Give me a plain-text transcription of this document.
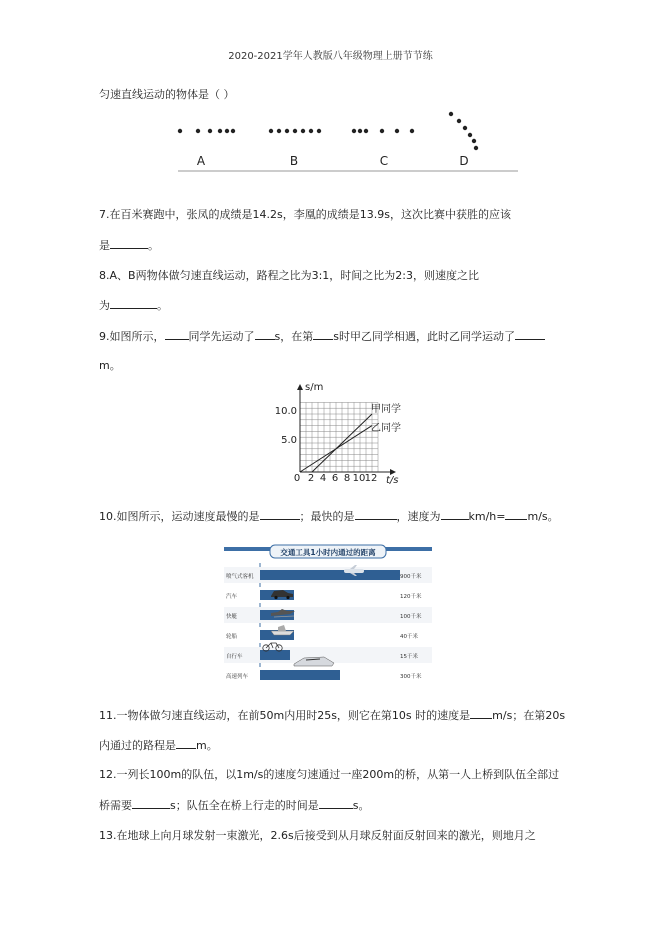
2020-2021学年人教版八年级物理上册节节练
匀速直线运动的物体是（ ）
A	B	C	D
7.在百米赛跑中，张凤的成绩是14.2s，李凰的成绩是13.9s，这次比赛中获胜的应该
是	。
8.A、B两物体做匀速直线运动，路程之比为3:1，时间之比为2:3，则速度之比
为	。
9.如图所示， 同学先运动了 s，在第 s时甲乙同学相遇，此时乙同学运动了
m。
s/m
t/s
10.0
5.0
0 2 4 6 8 10 12
甲同学
乙同学
10.如图所示，运动速度最慢的是	；最快的是	，速度为	km/h= m/s。
交通工具1小时内通过的距离
喷气式客机	900千米
汽车	120千米
快艇	100千米
轮船	40千米
自行车	15千米
高速列车	300千米
11.一物体做匀速直线运动，在前50m内用时25s，则它在第10s 时的速度是 m/s；在第20s
内通过的路程是 m。
12.一列长100m的队伍，以1m/s的速度匀速通过一座200m的桥，从第一人上桥到队伍全部过
桥需要	s；队伍全在桥上行走的时间是	s。
13.在地球上向月球发射一束激光，2.6s后接受到从月球反射面反射回来的激光，则地月之
